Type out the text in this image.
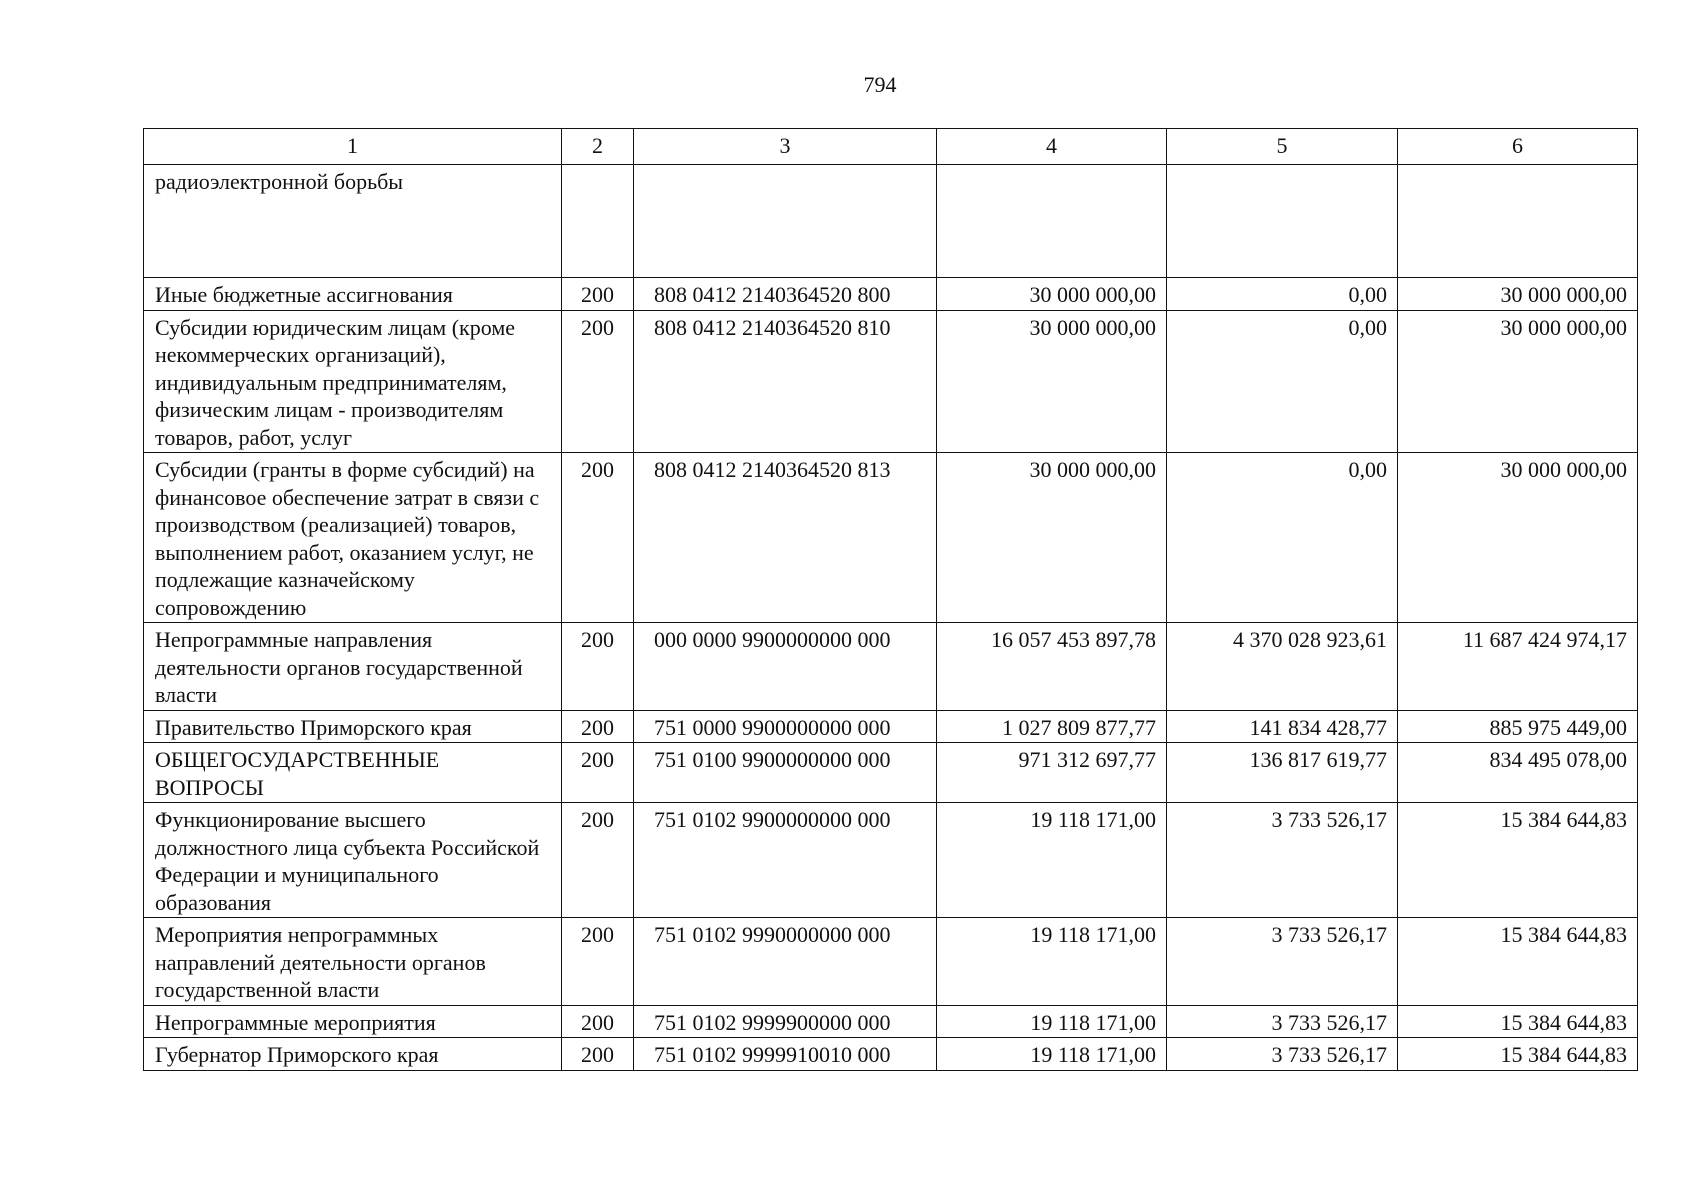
794
1	2	3	4	5	6
радиоэлектронной борьбы					
Иные бюджетные ассигнования	200	808 0412 2140364520 800	30 000 000,00	0,00	30 000 000,00
Субсидии юридическим лицам (кроме некоммерческих организаций), индивидуальным предпринимателям, физическим лицам - производителям товаров, работ, услуг	200	808 0412 2140364520 810	30 000 000,00	0,00	30 000 000,00
Субсидии (гранты в форме субсидий) на финансовое обеспечение затрат в связи с производством (реализацией) товаров, выполнением работ, оказанием услуг, не подлежащие казначейскому сопровождению	200	808 0412 2140364520 813	30 000 000,00	0,00	30 000 000,00
Непрограммные направления деятельности органов государственной власти	200	000 0000 9900000000 000	16 057 453 897,78	4 370 028 923,61	11 687 424 974,17
Правительство Приморского края	200	751 0000 9900000000 000	1 027 809 877,77	141 834 428,77	885 975 449,00
ОБЩЕГОСУДАРСТВЕННЫЕ ВОПРОСЫ	200	751 0100 9900000000 000	971 312 697,77	136 817 619,77	834 495 078,00
Функционирование высшего должностного лица субъекта Российской Федерации и муниципального образования	200	751 0102 9900000000 000	19 118 171,00	3 733 526,17	15 384 644,83
Мероприятия непрограммных направлений деятельности органов государственной власти	200	751 0102 9990000000 000	19 118 171,00	3 733 526,17	15 384 644,83
Непрограммные мероприятия	200	751 0102 9999900000 000	19 118 171,00	3 733 526,17	15 384 644,83
Губернатор Приморского края	200	751 0102 9999910010 000	19 118 171,00	3 733 526,17	15 384 644,83
